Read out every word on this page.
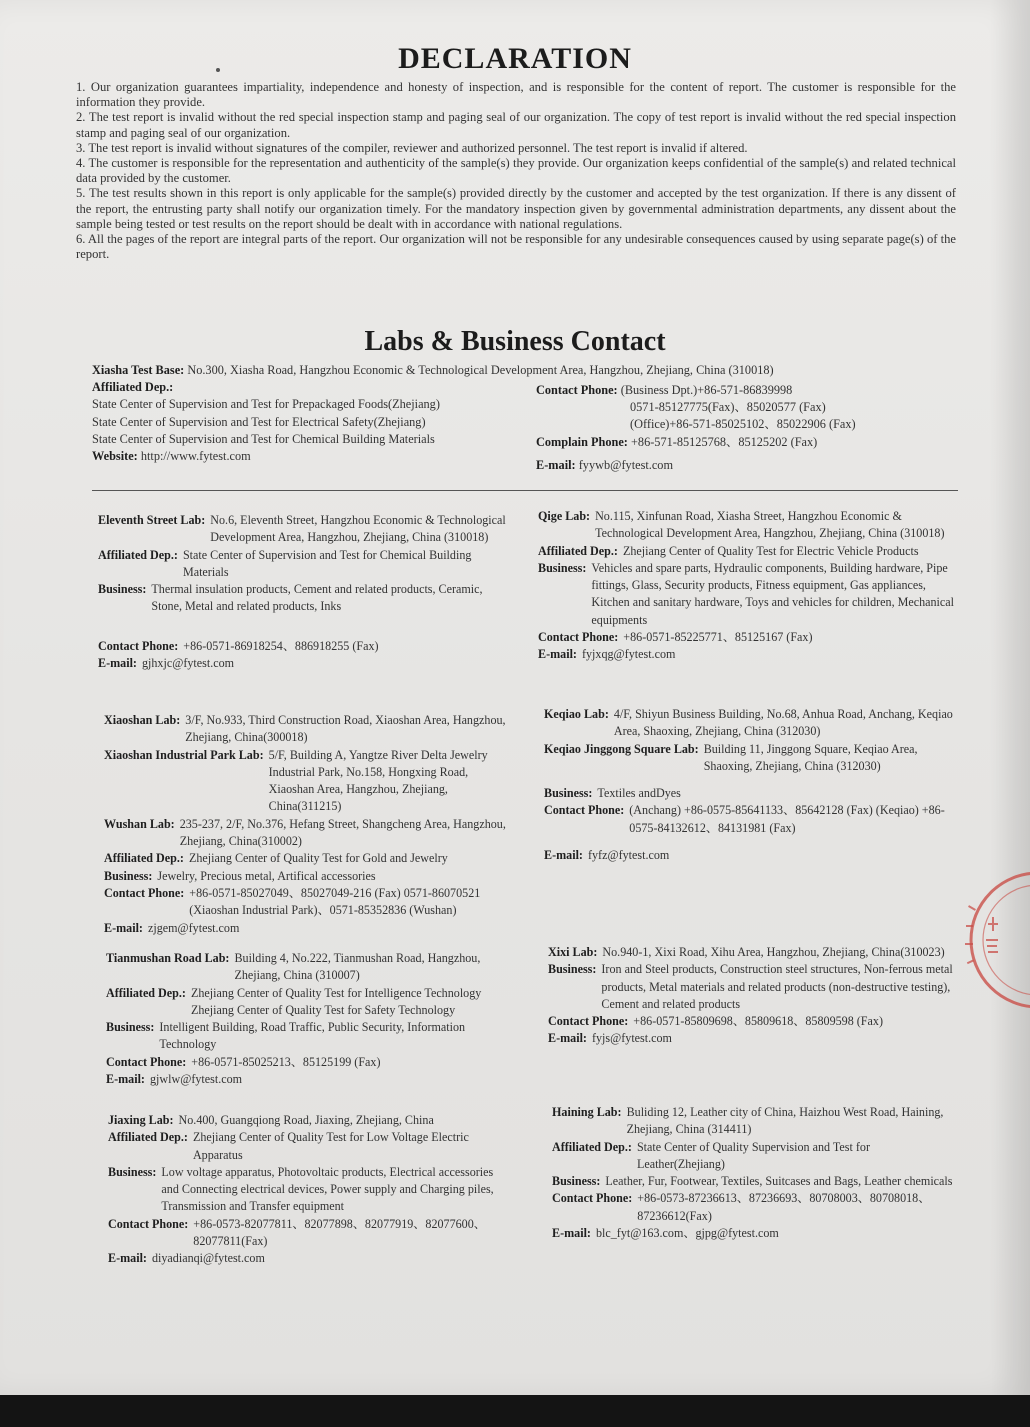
DECLARATION

1. Our organization guarantees impartiality, independence and honesty of inspection, and is responsible for the content of report. The customer is responsible for the information they provide.

2. The test report is invalid without the red special inspection stamp and paging seal of our organization. The copy of test report is invalid without the red special inspection stamp and paging seal of our organization.

3. The test report is invalid without signatures of the compiler, reviewer and authorized personnel. The test report is invalid if altered.

4. The customer is responsible for the representation and authenticity of the sample(s) they provide. Our organization keeps confidential of the sample(s) and related technical data provided by the customer.

5. The test results shown in this report is only applicable for the sample(s) provided directly by the customer and accepted by the test organization. If there is any dissent of the report, the entrusting party shall notify our organization timely. For the mandatory inspection given by governmental administration departments, any dissent about the sample being tested or test results on the report should be dealt with in accordance with national regulations.

6. All the pages of the report are integral parts of the report. Our organization will not be responsible for any undesirable consequences caused by using separate page(s) of the report.

Labs & Business Contact
Xiasha Test Base: No.300, Xiasha Road, Hangzhou Economic & Technological Development Area, Hangzhou, Zhejiang, China (310018)
Affiliated Dep.:
State Center of Supervision and Test for Prepackaged Foods(Zhejiang)
State Center of Supervision and Test for Electrical Safety(Zhejiang)
State Center of Supervision and Test for Chemical Building Materials
Website: http://www.fytest.com
Contact Phone: (Business Dpt.)+86-571-86839998
0571-85127775(Fax)、85020577 (Fax)
(Office)+86-571-85025102、85022906 (Fax)
Complain Phone: +86-571-85125768、85125202 (Fax)
E-mail: fyywb@fytest.com
Eleventh Street Lab: No.6, Eleventh Street, Hangzhou Economic & Technological Development Area, Hangzhou, Zhejiang, China (310018)
Affiliated Dep.: State Center of Supervision and Test for Chemical Building Materials
Business: Thermal insulation products, Cement and related products, Ceramic, Stone, Metal and related products, Inks
Contact Phone: +86-0571-86918254、886918255 (Fax)
E-mail: gjhxjc@fytest.com
Qige Lab: No.115, Xinfunan Road, Xiasha Street, Hangzhou Economic & Technological Development Area, Hangzhou, Zhejiang, China (310018)
Affiliated Dep.: Zhejiang Center of Quality Test for Electric Vehicle Products
Business: Vehicles and spare parts, Hydraulic components, Building hardware, Pipe fittings, Glass, Security products, Fitness equipment, Gas appliances, Kitchen and sanitary hardware, Toys and vehicles for children, Mechanical equipments
Contact Phone: +86-0571-85225771、85125167 (Fax)
E-mail: fyjxqg@fytest.com
Xiaoshan Lab: 3/F, No.933, Third Construction Road, Xiaoshan Area, Hangzhou, Zhejiang, China(300018)
Xiaoshan Industrial Park Lab: 5/F, Building A, Yangtze River Delta Jewelry Industrial Park, No.158, Hongxing Road, Xiaoshan Area, Hangzhou, Zhejiang, China(311215)
Wushan Lab: 235-237, 2/F, No.376, Hefang Street, Shangcheng Area, Hangzhou, Zhejiang, China(310002)
Affiliated Dep.: Zhejiang Center of Quality Test for Gold and Jewelry
Business: Jewelry, Precious metal, Artifical accessories
Contact Phone: +86-0571-85027049、85027049-216 (Fax) 0571-86070521 (Xiaoshan Industrial Park)、0571-85352836 (Wushan)
E-mail: zjgem@fytest.com
Keqiao Lab: 4/F, Shiyun Business Building, No.68, Anhua Road, Anchang, Keqiao Area, Shaoxing, Zhejiang, China (312030)
Keqiao Jinggong Square Lab: Building 11, Jinggong Square, Keqiao Area, Shaoxing, Zhejiang, China (312030)
Business: Textiles andDyes
Contact Phone: (Anchang) +86-0575-85641133、85642128 (Fax) (Keqiao) +86-0575-84132612、84131981 (Fax)
E-mail: fyfz@fytest.com
Tianmushan Road Lab: Building 4, No.222, Tianmushan Road, Hangzhou, Zhejiang, China (310007)
Affiliated Dep.: Zhejiang Center of Quality Test for Intelligence Technology Zhejiang Center of Quality Test for Safety Technology
Business: Intelligent Building, Road Traffic, Public Security, Information Technology
Contact Phone: +86-0571-85025213、85125199 (Fax)
E-mail: gjwlw@fytest.com
Xixi Lab: No.940-1, Xixi Road, Xihu Area, Hangzhou, Zhejiang, China(310023)
Business: Iron and Steel products, Construction steel structures, Non-ferrous metal products, Metal materials and related products (non-destructive testing), Cement and related products
Contact Phone: +86-0571-85809698、85809618、85809598 (Fax)
E-mail: fyjs@fytest.com
Jiaxing Lab: No.400, Guangqiong Road, Jiaxing, Zhejiang, China
Affiliated Dep.: Zhejiang Center of Quality Test for Low Voltage Electric Apparatus
Business: Low voltage apparatus, Photovoltaic products, Electrical accessories and Connecting electrical devices, Power supply and Charging piles, Transmission and Transfer equipment
Contact Phone: +86-0573-82077811、82077898、82077919、82077600、82077811(Fax)
E-mail: diyadianqi@fytest.com
Haining Lab: Buliding 12, Leather city of China, Haizhou West Road, Haining, Zhejiang, China (314411)
Affiliated Dep.: State Center of Quality Supervision and Test for Leather(Zhejiang)
Business: Leather, Fur, Footwear, Textiles, Suitcases and Bags, Leather chemicals
Contact Phone: +86-0573-87236613、87236693、80708003、80708018、87236612(Fax)
E-mail: blc_fyt@163.com、gjpg@fytest.com
